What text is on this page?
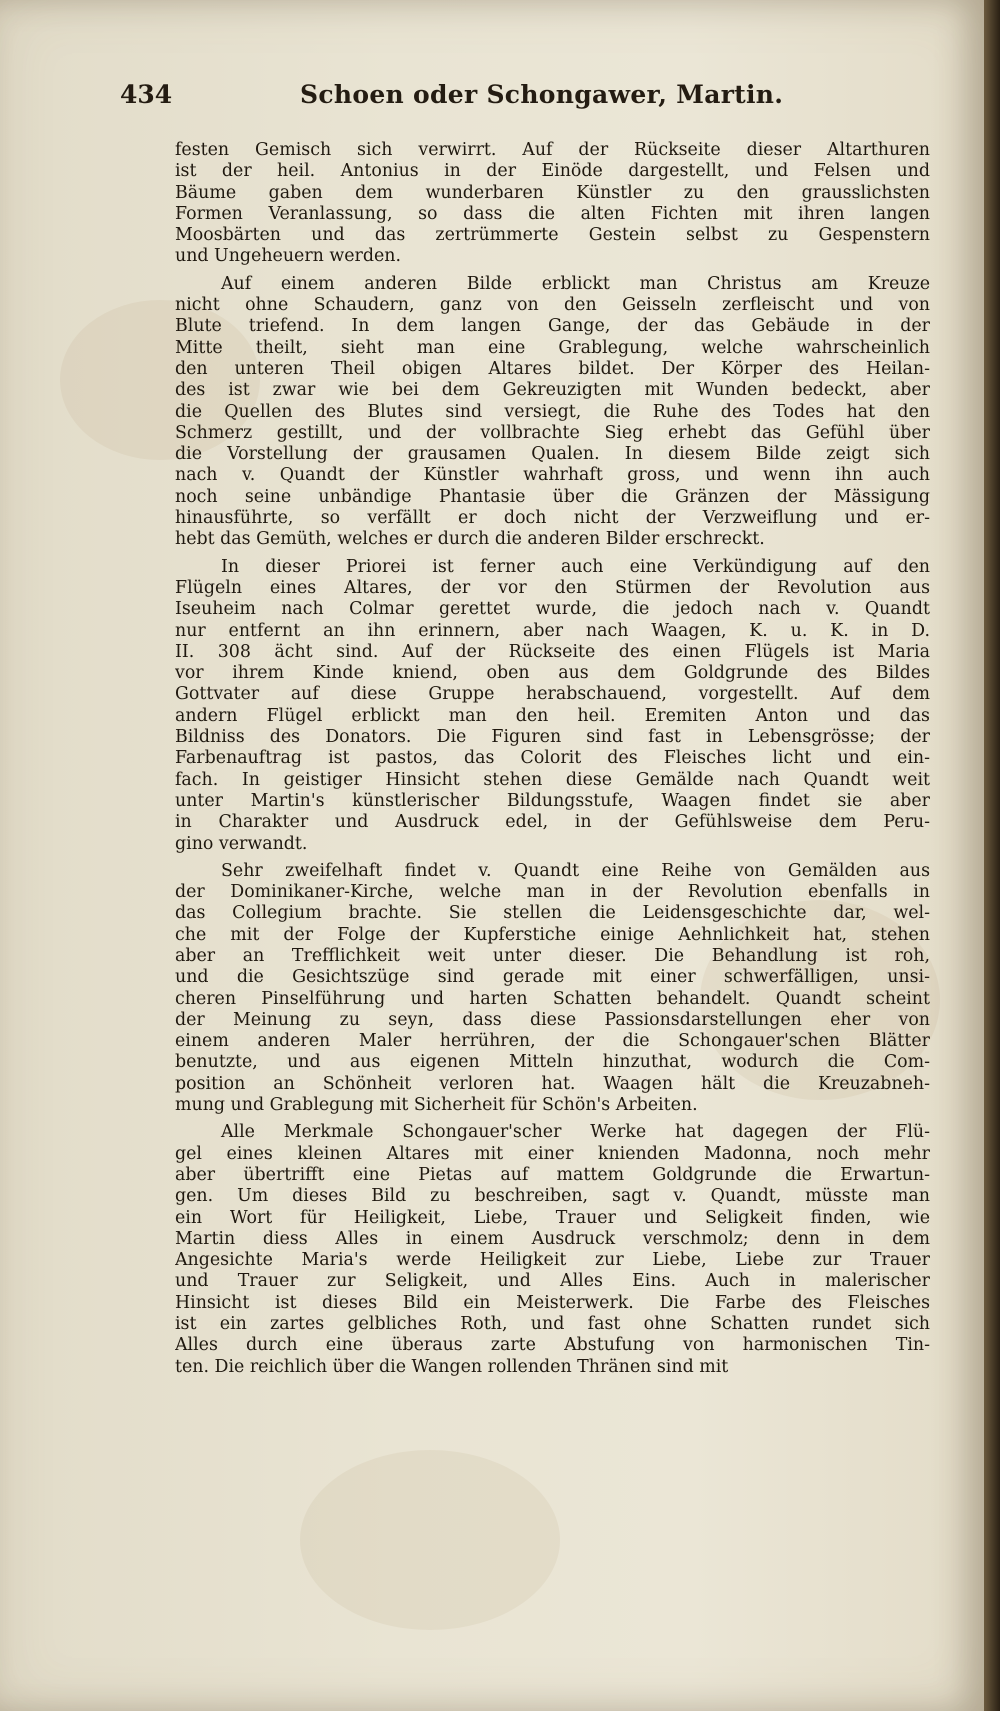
434	Schoen oder Schongawer, Martin.

festen Gemisch sich verwirrt. Auf der Rückseite dieser Altarthuren
ist der heil. Antonius in der Einöde dargestellt, und Felsen und
Bäume gaben dem wunderbaren Künstler zu den grausslichsten
Formen Veranlassung, so dass die alten Fichten mit ihren langen
Moosbärten und das zertrümmerte Gestein selbst zu Gespenstern
und Ungeheuern werden.

Auf einem anderen Bilde erblickt man Christus am Kreuze
nicht ohne Schaudern, ganz von den Geisseln zerfleischt und von
Blute triefend. In dem langen Gange, der das Gebäude in der
Mitte theilt, sieht man eine Grablegung, welche wahrscheinlich
den unteren Theil obigen Altares bildet. Der Körper des Heilan-
des ist zwar wie bei dem Gekreuzigten mit Wunden bedeckt, aber
die Quellen des Blutes sind versiegt, die Ruhe des Todes hat den
Schmerz gestillt, und der vollbrachte Sieg erhebt das Gefühl über
die Vorstellung der grausamen Qualen. In diesem Bilde zeigt sich
nach v. Quandt der Künstler wahrhaft gross, und wenn ihn auch
noch seine unbändige Phantasie über die Gränzen der Mässigung
hinausführte, so verfällt er doch nicht der Verzweiflung und er-
hebt das Gemüth, welches er durch die anderen Bilder erschreckt.

In dieser Priorei ist ferner auch eine Verkündigung auf den
Flügeln eines Altares, der vor den Stürmen der Revolution aus
Iseuheim nach Colmar gerettet wurde, die jedoch nach v. Quandt
nur entfernt an ihn erinnern, aber nach Waagen, K. u. K. in D.
II. 308 ächt sind. Auf der Rückseite des einen Flügels ist Maria
vor ihrem Kinde kniend, oben aus dem Goldgrunde des Bildes
Gottvater auf diese Gruppe herabschauend, vorgestellt. Auf dem
andern Flügel erblickt man den heil. Eremiten Anton und das
Bildniss des Donators. Die Figuren sind fast in Lebensgrösse; der
Farbenauftrag ist pastos, das Colorit des Fleisches licht und ein-
fach. In geistiger Hinsicht stehen diese Gemälde nach Quandt weit
unter Martin's künstlerischer Bildungsstufe, Waagen findet sie aber
in Charakter und Ausdruck edel, in der Gefühlsweise dem Peru-
gino verwandt.

Sehr zweifelhaft findet v. Quandt eine Reihe von Gemälden aus
der Dominikaner-Kirche, welche man in der Revolution ebenfalls in
das Collegium brachte. Sie stellen die Leidensgeschichte dar, wel-
che mit der Folge der Kupferstiche einige Aehnlichkeit hat, stehen
aber an Trefflichkeit weit unter dieser. Die Behandlung ist roh,
und die Gesichtszüge sind gerade mit einer schwerfälligen, unsi-
cheren Pinselführung und harten Schatten behandelt. Quandt scheint
der Meinung zu seyn, dass diese Passionsdarstellungen eher von
einem anderen Maler herrühren, der die Schongauer'schen Blätter
benutzte, und aus eigenen Mitteln hinzuthat, wodurch die Com-
position an Schönheit verloren hat. Waagen hält die Kreuzabneh-
mung und Grablegung mit Sicherheit für Schön's Arbeiten.

Alle Merkmale Schongauer'scher Werke hat dagegen der Flü-
gel eines kleinen Altares mit einer knienden Madonna, noch mehr
aber übertrifft eine Pietas auf mattem Goldgrunde die Erwartun-
gen. Um dieses Bild zu beschreiben, sagt v. Quandt, müsste man
ein Wort für Heiligkeit, Liebe, Trauer und Seligkeit finden, wie
Martin diess Alles in einem Ausdruck verschmolz; denn in dem
Angesichte Maria's werde Heiligkeit zur Liebe, Liebe zur Trauer
und Trauer zur Seligkeit, und Alles Eins. Auch in malerischer
Hinsicht ist dieses Bild ein Meisterwerk. Die Farbe des Fleisches
ist ein zartes gelbliches Roth, und fast ohne Schatten rundet sich
Alles durch eine überaus zarte Abstufung von harmonischen Tin-
ten. Die reichlich über die Wangen rollenden Thränen sind mit
